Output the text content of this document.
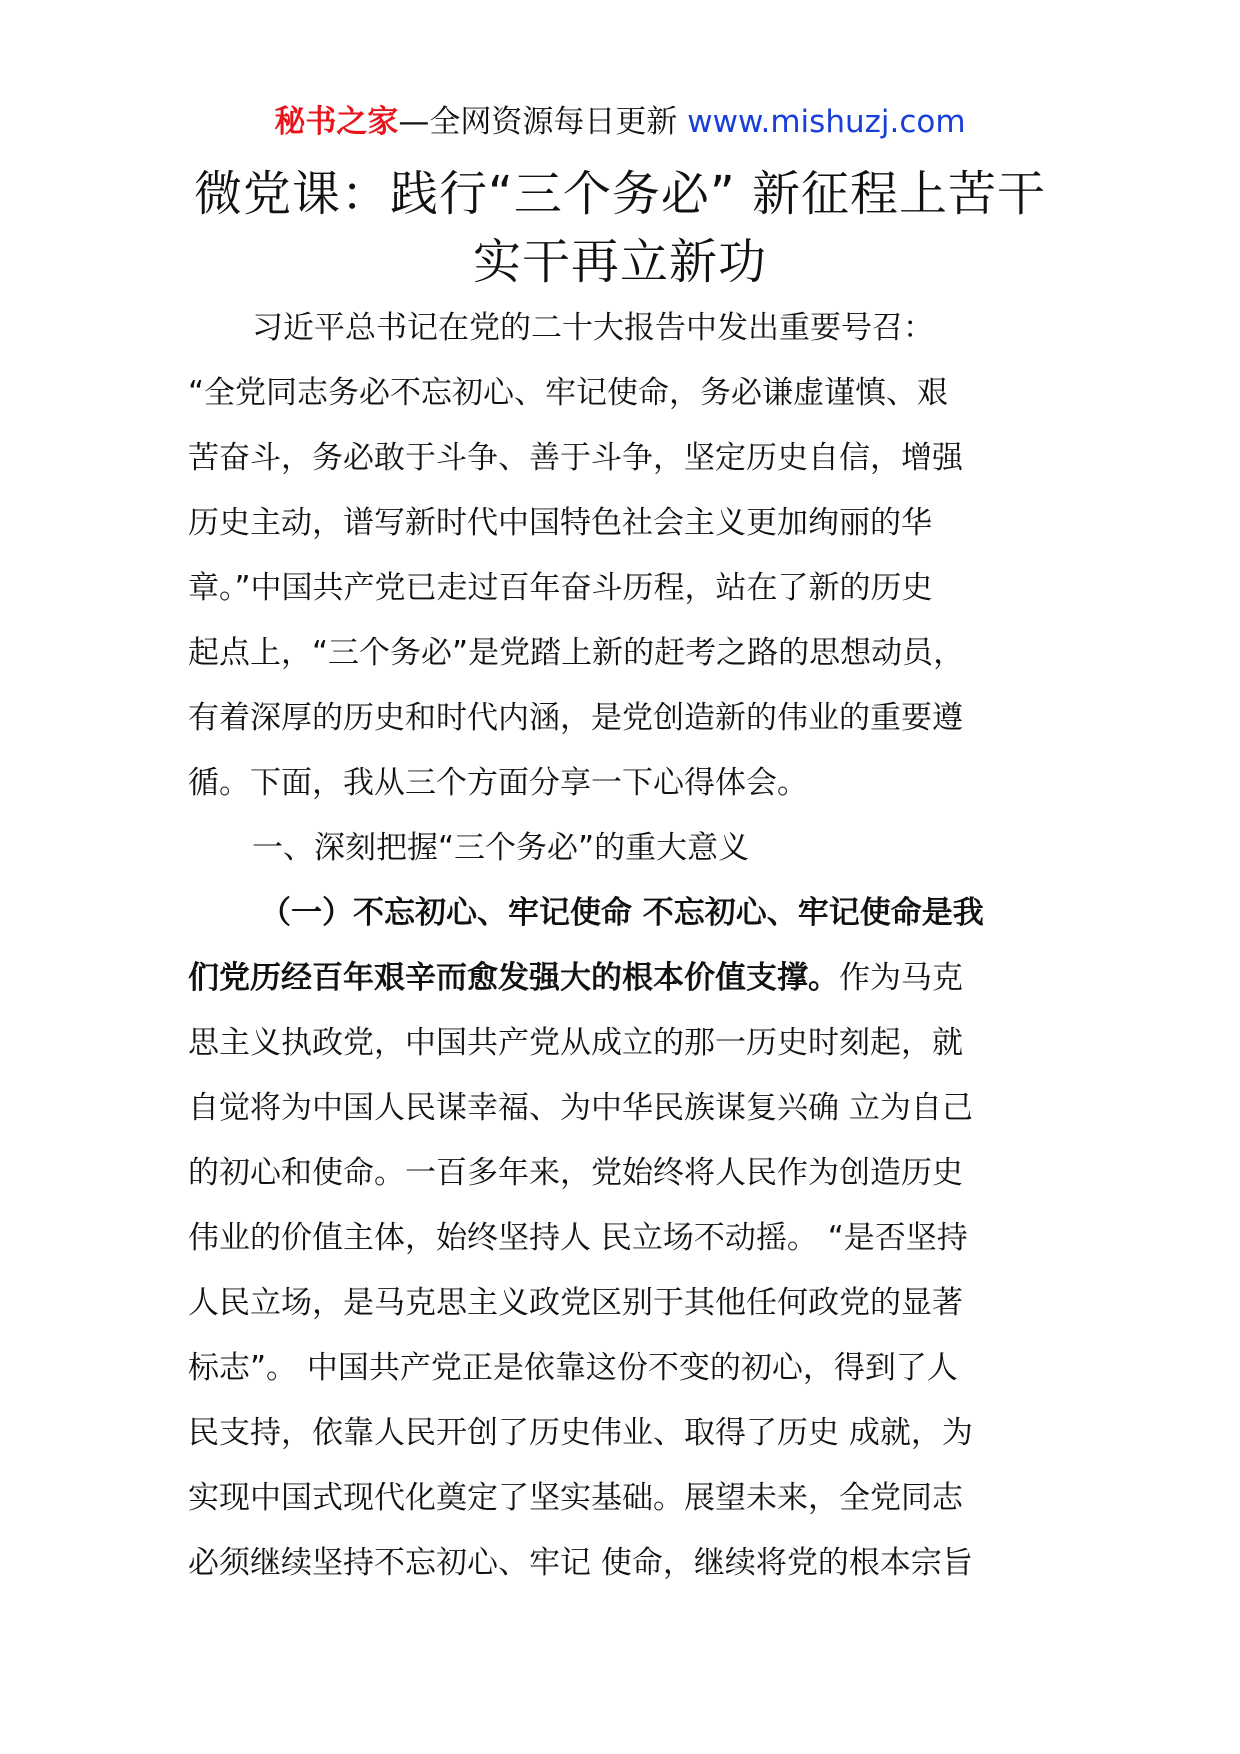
秘书之家—全网资源每日更新 www.mishuzj.com
微党课：践行“三个务必” 新征程上苦干
实干再立新功
习近平总书记在党的二十大报告中发出重要号召：
“全党同志务必不忘初心、牢记使命，务必谦虚谨慎、艰
苦奋斗，务必敢于斗争、善于斗争，坚定历史自信，增强
历史主动，谱写新时代中国特色社会主义更加绚丽的华
章。”中国共产党已走过百年奋斗历程，站在了新的历史
起点上，“三个务必”是党踏上新的赶考之路的思想动员，
有着深厚的历史和时代内涵，是党创造新的伟业的重要遵
循。下面，我从三个方面分享一下心得体会。
一、深刻把握“三个务必”的重大意义
（一）不忘初心、牢记使命 不忘初心、牢记使命是我
们党历经百年艰辛而愈发强大的根本价值支撑。作为马克
思主义执政党，中国共产党从成立的那一历史时刻起，就
自觉将为中国人民谋幸福、为中华民族谋复兴确 立为自己
的初心和使命。一百多年来，党始终将人民作为创造历史
伟业的价值主体，始终坚持人 民立场不动摇。 “是否坚持
人民立场，是马克思主义政党区别于其他任何政党的显著
标志”。 中国共产党正是依靠这份不变的初心，得到了人
民支持，依靠人民开创了历史伟业、取得了历史 成就，为
实现中国式现代化奠定了坚实基础。展望未来，全党同志
必须继续坚持不忘初心、牢记 使命，继续将党的根本宗旨
